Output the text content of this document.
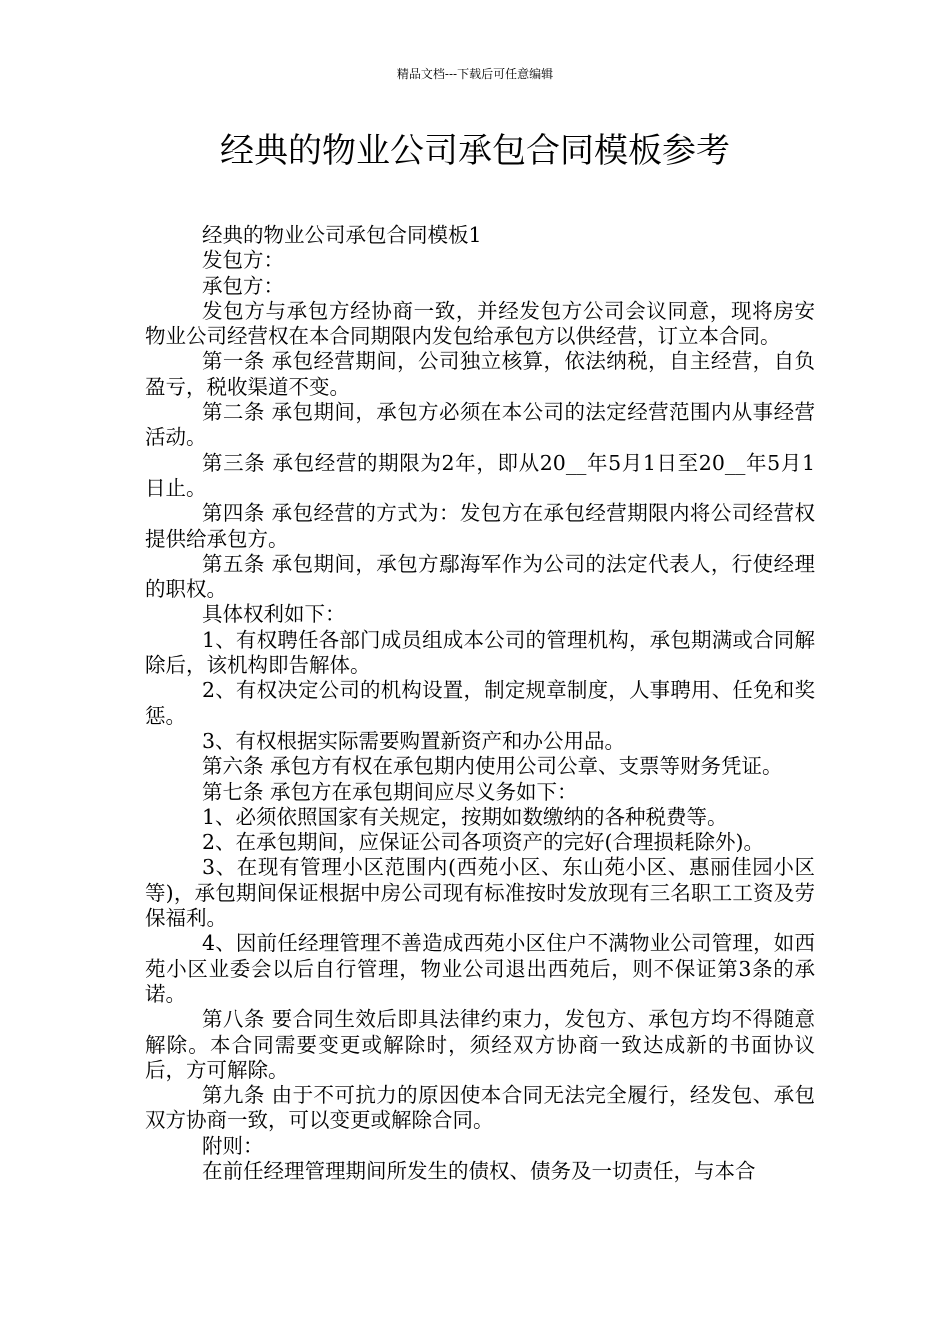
精品文档---下载后可任意编辑
经典的物业公司承包合同模板参考

经典的物业公司承包合同模板1

发包方：

承包方：

发包方与承包方经协商一致，并经发包方公司会议同意，现将房安物业公司经营权在本合同期限内发包给承包方以供经营，订立本合同。

第一条 承包经营期间，公司独立核算，依法纳税，自主经营，自负盈亏，税收渠道不变。

第二条 承包期间，承包方必须在本公司的法定经营范围内从事经营活动。

第三条 承包经营的期限为2年，即从20__年5月1日至20__年5月1日止。

第四条 承包经营的方式为：发包方在承包经营期限内将公司经营权提供给承包方。

第五条 承包期间，承包方鄢海军作为公司的法定代表人，行使经理的职权。

具体权利如下：

1、有权聘任各部门成员组成本公司的管理机构，承包期满或合同解除后，该机构即告解体。

2、有权决定公司的机构设置，制定规章制度，人事聘用、任免和奖惩。

3、有权根据实际需要购置新资产和办公用品。

第六条 承包方有权在承包期内使用公司公章、支票等财务凭证。

第七条 承包方在承包期间应尽义务如下：

1、必须依照国家有关规定，按期如数缴纳的各种税费等。

2、在承包期间，应保证公司各项资产的完好(合理损耗除外)。

3、在现有管理小区范围内(西苑小区、东山苑小区、惠丽佳园小区等)，承包期间保证根据中房公司现有标准按时发放现有三名职工工资及劳保福利。

4、因前任经理管理不善造成西苑小区住户不满物业公司管理，如西苑小区业委会以后自行管理，物业公司退出西苑后，则不保证第3条的承诺。

第八条 要合同生效后即具法律约束力，发包方、承包方均不得随意解除。本合同需要变更或解除时，须经双方协商一致达成新的书面协议后，方可解除。

第九条 由于不可抗力的原因使本合同无法完全履行，经发包、承包双方协商一致，可以变更或解除合同。

附则：

在前任经理管理期间所发生的债权、债务及一切责任，与本合
